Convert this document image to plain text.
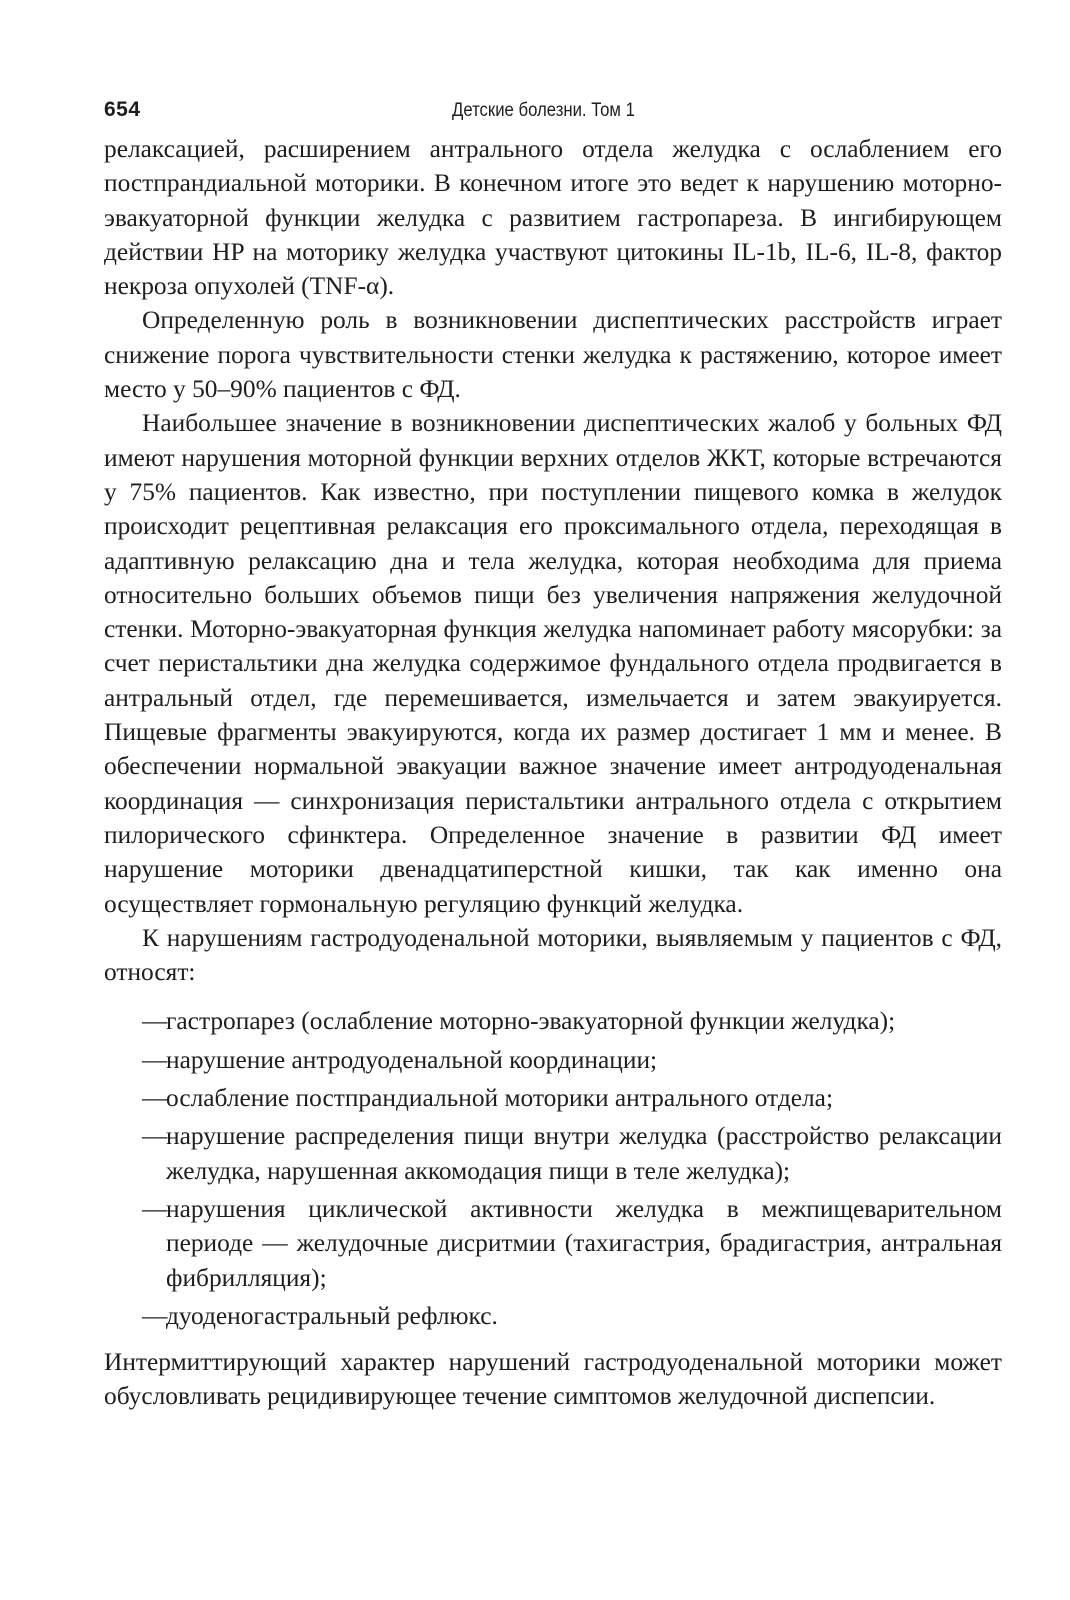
654	Детские болезни. Том 1

релаксацией, расширением антрального отдела желудка с ослаблением его постпрандиальной моторики. В конечном итоге это ведет к нарушению моторно-эвакуаторной функции желудка с развитием гастропареза. В ингибирующем действии HP на моторику желудка участвуют цитокины IL-1b, IL-6, IL-8, фактор некроза опухолей (TNF-α).

Определенную роль в возникновении диспептических расстройств играет снижение порога чувствительности стенки желудка к растяжению, которое имеет место у 50–90% пациентов с ФД.

Наибольшее значение в возникновении диспептических жалоб у больных ФД имеют нарушения моторной функции верхних отделов ЖКТ, которые встречаются у 75% пациентов. Как известно, при поступлении пищевого комка в желудок происходит рецептивная релаксация его проксимального отдела, переходящая в адаптивную релаксацию дна и тела желудка, которая необходима для приема относительно больших объемов пищи без увеличения напряжения желудочной стенки. Моторно-эвакуаторная функция желудка напоминает работу мясорубки: за счет перистальтики дна желудка содержимое фундального отдела продвигается в антральный отдел, где перемешивается, измельчается и затем эвакуируется. Пищевые фрагменты эвакуируются, когда их размер достигает 1 мм и менее. В обеспечении нормальной эвакуации важное значение имеет антродуоденальная координация — синхронизация перистальтики антрального отдела с открытием пилорического сфинктера. Определенное значение в развитии ФД имеет нарушение моторики двенадцатиперстной кишки, так как именно она осуществляет гормональную регуляцию функций желудка.

К нарушениям гастродуоденальной моторики, выявляемым у пациентов с ФД, относят:

— гастропарез (ослабление моторно-эвакуаторной функции желудка);
— нарушение антродуоденальной координации;
— ослабление постпрандиальной моторики антрального отдела;
— нарушение распределения пищи внутри желудка (расстройство релаксации желудка, нарушенная аккомодация пищи в теле желудка);
— нарушения циклической активности желудка в межпищеварительном периоде — желудочные дисритмии (тахигастрия, брадигастрия, антральная фибрилляция);
— дуоденогастральный рефлюкс.

Интермиттирующий характер нарушений гастродуоденальной моторики может обусловливать рецидивирующее течение симптомов желудочной диспепсии.
